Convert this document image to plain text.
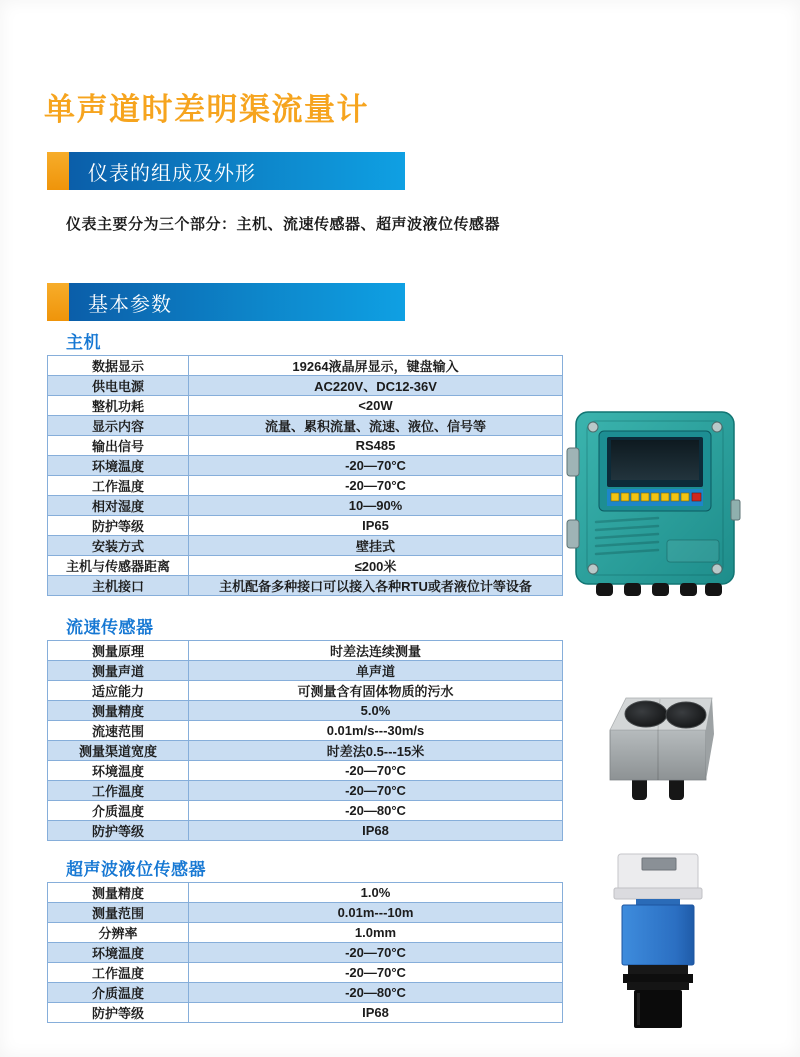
单声道时差明渠流量计
仪表的组成及外形

仪表主要分为三个部分：主机、流速传感器、超声波液位传感器

基本参数
主机
数据显示	19264液晶屏显示，键盘输入
供电电源	AC220V、DC12-36V
整机功耗	<20W
显示内容	流量、累积流量、流速、液位、信号等
输出信号	RS485
环境温度	-20—70°C
工作温度	-20—70°C
相对湿度	10—90%
防护等级	IP65
安装方式	壁挂式
主机与传感器距离	≤200米
主机接口	主机配备多种接口可以接入各种RTU或者液位计等设备
流速传感器
测量原理	时差法连续测量
测量声道	单声道
适应能力	可测量含有固体物质的污水
测量精度	5.0%
流速范围	0.01m/s---30m/s
测量渠道宽度	时差法0.5---15米
环境温度	-20—70°C
工作温度	-20—70°C
介质温度	-20—80°C
防护等级	IP68
超声波液位传感器
测量精度	1.0%
测量范围	0.01m---10m
分辨率	1.0mm
环境温度	-20—70°C
工作温度	-20—70°C
介质温度	-20—80°C
防护等级	IP68
